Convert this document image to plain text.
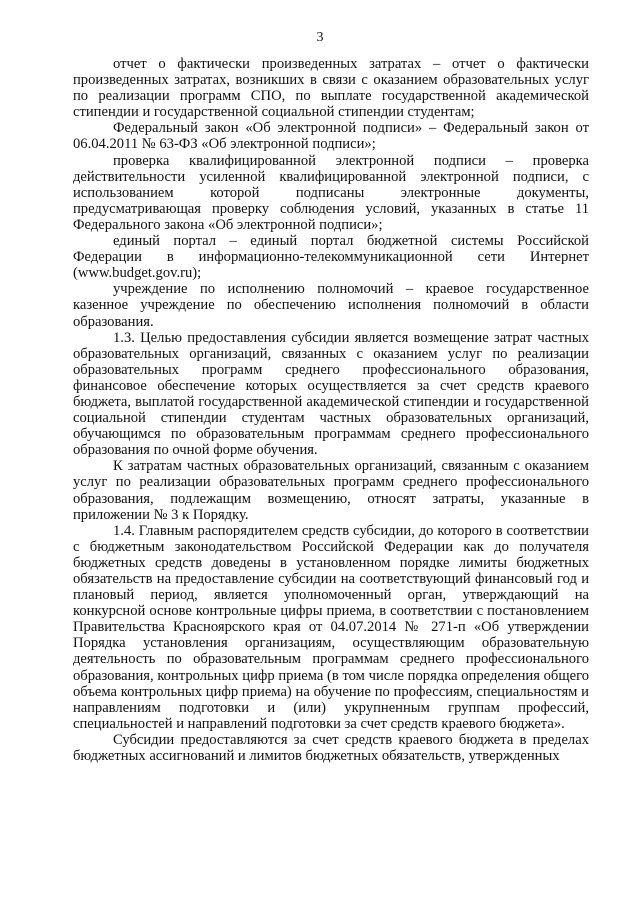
3

отчет о фактически произведенных затратах – отчет о фактически произведенных затратах, возникших в связи с оказанием образовательных услуг по реализации программ СПО, по выплате государственной академической стипендии и государственной социальной стипендии студентам;

Федеральный закон «Об электронной подписи» – Федеральный закон от 06.04.2011 № 63-ФЗ «Об электронной подписи»;

проверка квалифицированной электронной подписи – проверка действительности усиленной квалифицированной электронной подписи, с использованием которой подписаны электронные документы, предусматривающая проверку соблюдения условий, указанных в статье 11 Федерального закона «Об электронной подписи»;

единый портал – единый портал бюджетной системы Российской Федерации в информационно-телекоммуникационной сети Интернет (www.budget.gov.ru);

учреждение по исполнению полномочий – краевое государственное казенное учреждение по обеспечению исполнения полномочий в области образования.

1.3. Целью предоставления субсидии является возмещение затрат частных образовательных организаций, связанных с оказанием услуг по реализации образовательных программ среднего профессионального образования, финансовое обеспечение которых осуществляется за счет средств краевого бюджета, выплатой государственной академической стипендии и государственной социальной стипендии студентам частных образовательных организаций, обучающимся по образовательным программам среднего профессионального образования по очной форме обучения.

К затратам частных образовательных организаций, связанным с оказанием услуг по реализации образовательных программ среднего профессионального образования, подлежащим возмещению, относят затраты, указанные в приложении № 3 к Порядку.

1.4. Главным распорядителем средств субсидии, до которого в соответствии с бюджетным законодательством Российской Федерации как до получателя бюджетных средств доведены в установленном порядке лимиты бюджетных обязательств на предоставление субсидии на соответствующий финансовый год и плановый период, является уполномоченный орган, утверждающий на конкурсной основе контрольные цифры приема, в соответствии с постановлением Правительства Красноярского края от 04.07.2014 № 271-п «Об утверждении Порядка установления организациям, осуществляющим образовательную деятельность по образовательным программам среднего профессионального образования, контрольных цифр приема (в том числе порядка определения общего объема контрольных цифр приема) на обучение по профессиям, специальностям и направлениям подготовки и (или) укрупненным группам профессий, специальностей и направлений подготовки за счет средств краевого бюджета».

Субсидии предоставляются за счет средств краевого бюджета в пределах бюджетных ассигнований и лимитов бюджетных обязательств, утвержденных
